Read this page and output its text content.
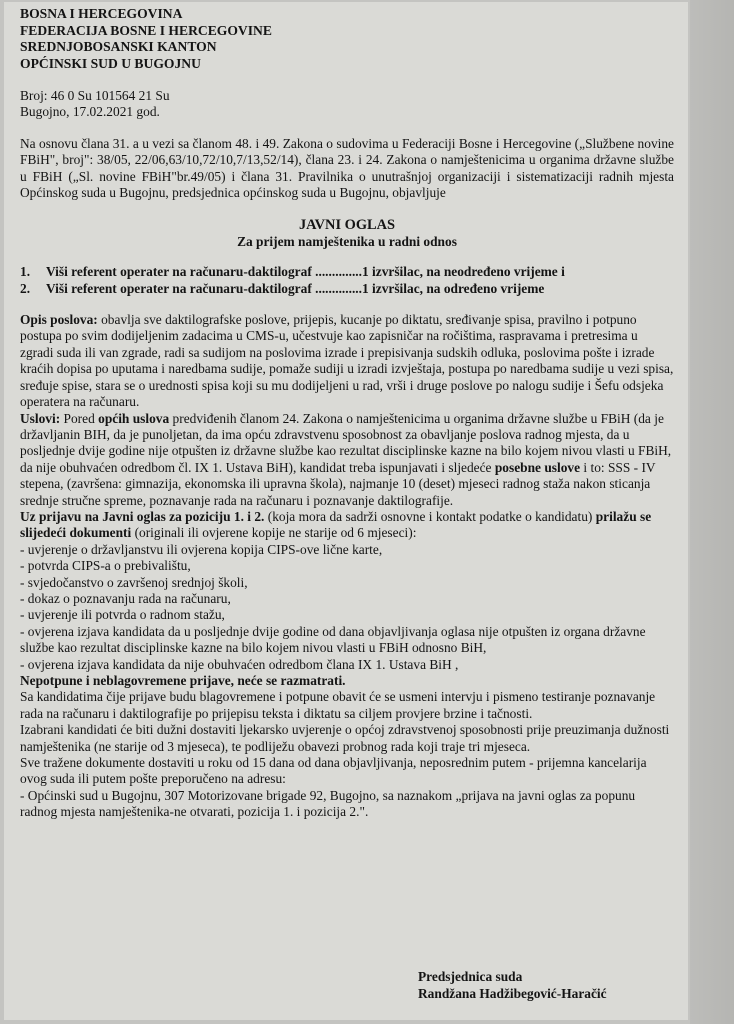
BOSNA I HERCEGOVINA

FEDERACIJA BOSNE I HERCEGOVINE

SREDNJOBOSANSKI KANTON

OPĆINSKI SUD U BUGOJNU

Broj: 46 0 Su 101564 21 Su

Bugojno, 17.02.2021 god.

Na osnovu člana 31. a u vezi sa članom 48. i 49. Zakona o sudovima u Federaciji Bosne i Hercegovine („Službene novine FBiH", broj": 38/05, 22/06,63/10,72/10,7/13,52/14), člana 23. i 24. Zakona o namještenicima u organima državne službe u FBiH („Sl. novine FBiH"br.49/05) i člana 31. Pravilnika o unutrašnjoj organizaciji i sistematizaciji radnih mjesta Općinskog suda u Bugojnu, predsjednica općinskog suda u Bugojnu, objavljuje

JAVNI OGLAS

Za prijem namještenika u radni odnos

1.	Viši referent operater na računaru-daktilograf ..............1 izvršilac, na neodređeno vrijeme i
2.	Viši referent operater na računaru-daktilograf ..............1 izvršilac, na određeno vrijeme

Opis poslova: obavlja sve daktilografske poslove, prijepis, kucanje po diktatu, sređivanje spisa, pravilno i potpuno postupa po svim dodijeljenim zadacima u CMS-u, učestvuje kao zapisničar na ročištima, raspravama i pretresima u zgradi suda ili van zgrade, radi sa sudijom na poslovima izrade i prepisivanja sudskih odluka, poslovima pošte i izrade kraćih dopisa po uputama i naredbama sudije, pomaže sudiji u izradi izvještaja, postupa po naredbama sudije u vezi spisa, sređuje spise, stara se o urednosti spisa koji su mu dodijeljeni u rad, vrši i druge poslove po nalogu sudije i Šefu odsjeka operatera na računaru.

Uslovi: Pored općih uslova predviđenih članom 24. Zakona o namještenicima u organima državne službe u FBiH (da je državljanin BIH, da je punoljetan, da ima opću zdravstvenu sposobnost za obavljanje poslova radnog mjesta, da u posljednje dvije godine nije otpušten iz državne službe kao rezultat disciplinske kazne na bilo kojem nivou vlasti u FBiH, da nije obuhvaćen odredbom čl. IX 1. Ustava BiH), kandidat treba ispunjavati i sljedeće posebne uslove i to: SSS - IV stepena, (završena: gimnazija, ekonomska ili upravna škola), najmanje 10 (deset) mjeseci radnog staža nakon sticanja srednje stručne spreme, poznavanje rada na računaru i poznavanje daktilografije.

Uz prijavu na Javni oglas za poziciju 1. i 2. (koja mora da sadrži osnovne i kontakt podatke o kandidatu) prilažu se slijedeći dokumenti (originali ili ovjerene kopije ne starije od 6 mjeseci):

- uvjerenje o državljanstvu ili ovjerena kopija CIPS-ove lične karte,
- potvrda CIPS-a o prebivalištu,
- svjedočanstvo o završenoj srednjoj školi,
- dokaz o poznavanju rada na računaru,
- uvjerenje ili potvrda o radnom stažu,
- ovjerena izjava kandidata da u posljednje dvije godine od dana objavljivanja oglasa nije otpušten iz organa državne službe kao rezultat disciplinske kazne na bilo kojem nivou vlasti u FBiH odnosno BiH,
- ovjerena izjava kandidata da nije obuhvaćen odredbom člana IX 1. Ustava BiH ,

Nepotpune i neblagovremene prijave, neće se razmatrati.

Sa kandidatima čije prijave budu blagovremene i potpune obavit će se usmeni intervju i pismeno testiranje poznavanje rada na računaru i daktilografije po prijepisu teksta i diktatu sa ciljem provjere brzine i tačnosti.

Izabrani kandidati će biti dužni dostaviti ljekarsko uvjerenje o općoj zdravstvenoj sposobnosti prije preuzimanja dužnosti namještenika (ne starije od 3 mjeseca), te podliježu obavezi probnog rada koji traje tri mjeseca.

Sve tražene dokumente dostaviti u roku od 15 dana od dana objavljivanja, neposrednim putem - prijemna kancelarija ovog suda ili putem pošte preporučeno na adresu:

- Općinski sud u Bugojnu, 307 Motorizovane brigade 92, Bugojno, sa naznakom „prijava na javni oglas za popunu radnog mjesta namještenika-ne otvarati, pozicija 1. i pozicija 2.".

Predsjednica suda

Randžana Hadžibegović-Haračić
